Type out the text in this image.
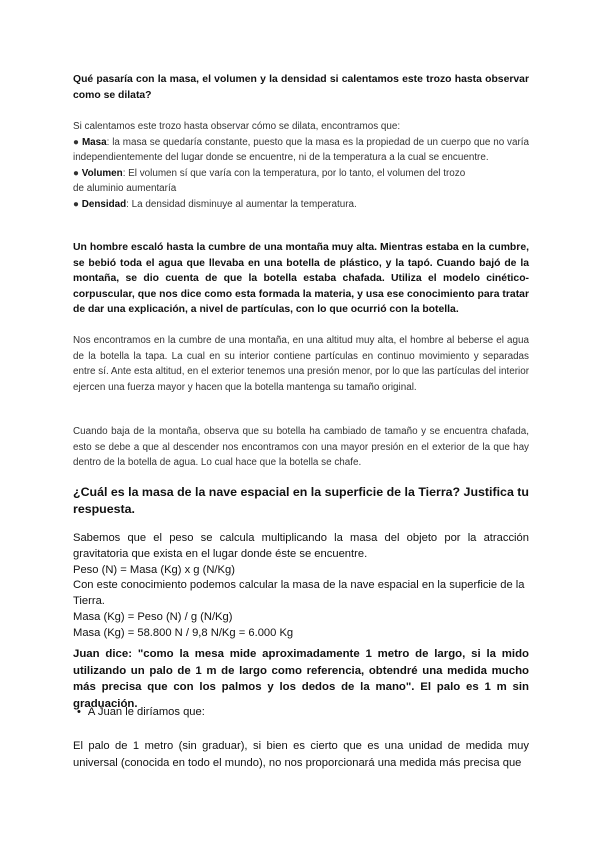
Qué pasaría con la masa, el volumen y la densidad si calentamos este trozo hasta observar como se dilata?
Si calentamos este trozo hasta observar cómo se dilata, encontramos que:
● Masa: la masa se quedaría constante, puesto que la masa es la propiedad de un cuerpo que no varía independientemente del lugar donde se encuentre, ni de la temperatura a la cual se encuentre.
● Volumen: El volumen sí que varía con la temperatura, por lo tanto, el volumen del trozo
de aluminio aumentaría
● Densidad: La densidad disminuye al aumentar la temperatura.
Un hombre escaló hasta la cumbre de una montaña muy alta. Mientras estaba en la cumbre, se bebió toda el agua que llevaba en una botella de plástico, y la tapó. Cuando bajó de la montaña, se dio cuenta de que la botella estaba chafada. Utiliza el modelo cinético-corpuscular, que nos dice como esta formada la materia, y usa ese conocimiento para tratar de dar una explicación, a nivel de partículas, con lo que ocurrió con la botella.
Nos encontramos en la cumbre de una montaña, en una altitud muy alta, el hombre al beberse el agua de la botella la tapa. La cual en su interior contiene partículas en continuo movimiento y separadas entre sí. Ante esta altitud, en el exterior tenemos una presión menor, por lo que las partículas del interior ejercen una fuerza mayor y hacen que la botella mantenga su tamaño original.
Cuando baja de la montaña, observa que su botella ha cambiado de tamaño y se encuentra chafada, esto se debe a que al descender nos encontramos con una mayor presión en el exterior de la que hay dentro de la botella de agua. Lo cual hace que la botella se chafe.
¿Cuál es la masa de la nave espacial en la superficie de la Tierra? Justifica tu respuesta.
Sabemos que el peso se calcula multiplicando la masa del objeto por la atracción gravitatoria que exista en el lugar donde éste se encuentre.
Peso (N) = Masa (Kg) x g (N/Kg)
Con este conocimiento podemos calcular la masa de la nave espacial en la superficie de la Tierra.
Masa (Kg) = Peso (N) / g (N/Kg)
Masa (Kg) = 58.800 N / 9,8 N/Kg = 6.000 Kg
Juan dice: "como la mesa mide aproximadamente 1 metro de largo, si la mido utilizando un palo de 1 m de largo como referencia, obtendré una medida mucho más precisa que con los palmos y los dedos de la mano". El palo es 1 m sin graduación.
• A Juan le diríamos que:
El palo de 1 metro (sin graduar), si bien es cierto que es una unidad de medida muy universal (conocida en todo el mundo), no nos proporcionará una medida más precisa que
